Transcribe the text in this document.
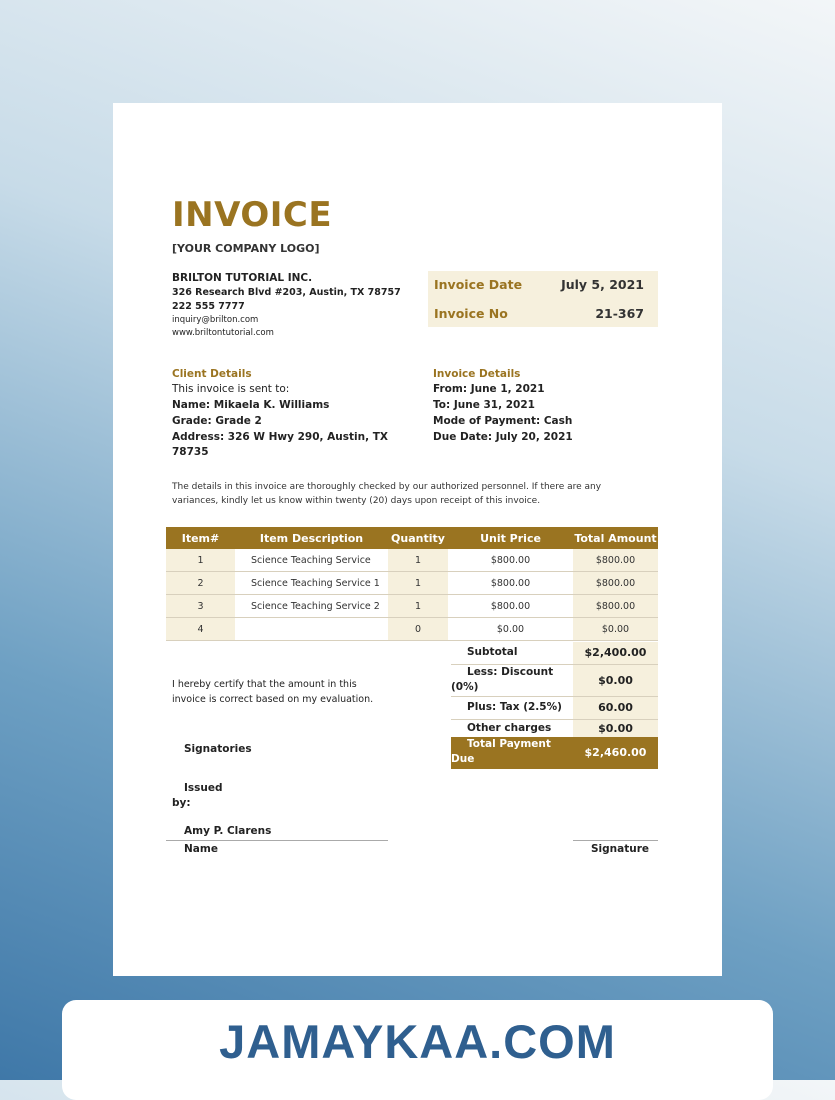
INVOICE
[YOUR COMPANY LOGO]
BRILTON TUTORIAL INC.
326 Research Blvd #203, Austin, TX 78757
222 555 7777
inquiry@brilton.com
www.briltontutorial.com
Invoice Date	July 5, 2021
Invoice No	21-367
Client Details
This invoice is sent to:
Name: Mikaela K. Williams
Grade: Grade 2
Address: 326 W Hwy 290, Austin, TX
78735
Invoice Details
From: June 1, 2021
To: June 31, 2021
Mode of Payment: Cash
Due Date: July 20, 2021
The details in this invoice are thoroughly checked by our authorized personnel. If there are any
variances, kindly let us know within twenty (20) days upon receipt of this invoice.
Item#	Item Description	Quantity	Unit Price	Total Amount
1	Science Teaching Service	1	$800.00	$800.00
2	Science Teaching Service 1	1	$800.00	$800.00
3	Science Teaching Service 2	1	$800.00	$800.00
4		0	$0.00	$0.00
Subtotal	$2,400.00
Less: Discount
(0%)	$0.00
Plus: Tax (2.5%)	60.00
Other charges	$0.00
Total Payment
Due	$2,460.00
I hereby certify that the amount in this
invoice is correct based on my evaluation.
Signatories
Issued
by:
Amy P. Clarens
Name	Signature
JAMAYKAA.COM
